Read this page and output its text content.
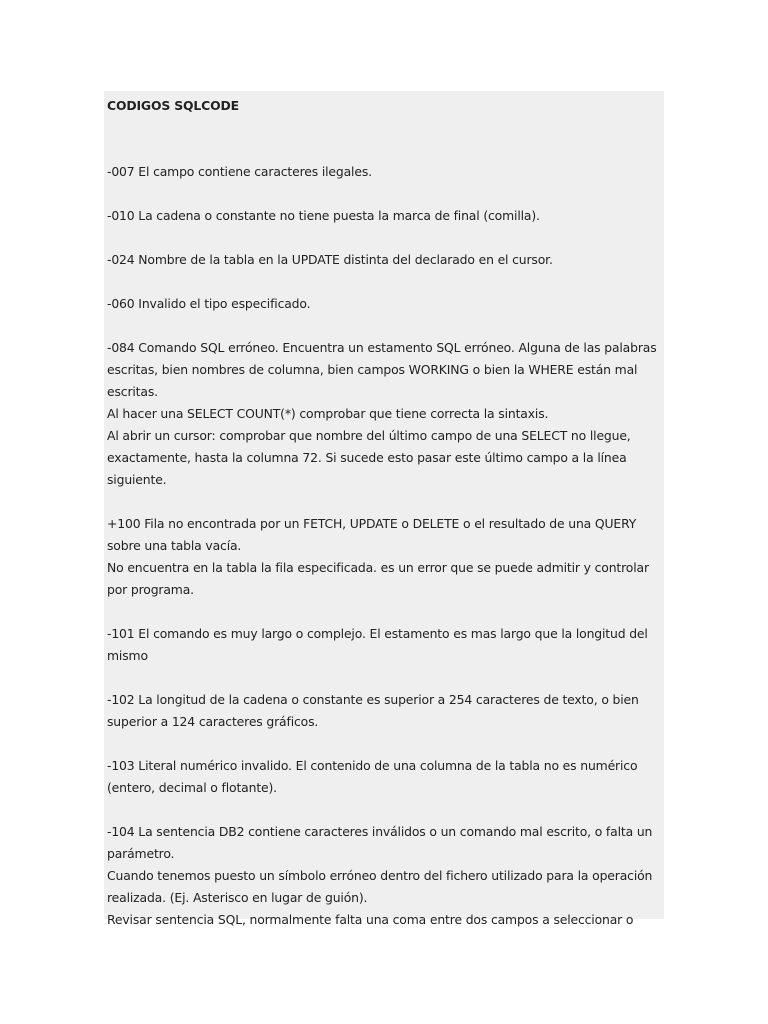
CODIGOS SQLCODE

-007 El campo contiene caracteres ilegales.

-010 La cadena o constante no tiene puesta la marca de final (comilla).

-024 Nombre de la tabla en la UPDATE distinta del declarado en el cursor.

-060 Invalido el tipo especificado.

-084 Comando SQL erróneo. Encuentra un estamento SQL erróneo. Alguna de las palabras escritas, bien nombres de columna, bien campos WORKING o bien la WHERE están mal escritas.

Al hacer una SELECT COUNT(*) comprobar que tiene correcta la sintaxis.

Al abrir un cursor: comprobar que nombre del último campo de una SELECT no llegue, exactamente, hasta la columna 72. Si sucede esto pasar este último campo a la línea siguiente.

+100 Fila no encontrada por un FETCH, UPDATE o DELETE o el resultado de una QUERY sobre una tabla vacía.

No encuentra en la tabla la fila especificada. es un error que se puede admitir y controlar por programa.

-101 El comando es muy largo o complejo. El estamento es mas largo que la longitud del mismo

-102 La longitud de la cadena o constante es superior a 254 caracteres de texto, o bien superior a 124 caracteres gráficos.

-103 Literal numérico invalido. El contenido de una columna de la tabla no es numérico (entero, decimal o flotante).

-104 La sentencia DB2 contiene caracteres inválidos o un comando mal escrito, o falta un parámetro.

Cuando tenemos puesto un símbolo erróneo dentro del fichero utilizado para la operación realizada. (Ej. Asterisco en lugar de guión).

Revisar sentencia SQL, normalmente falta una coma entre dos campos a seleccionar o
